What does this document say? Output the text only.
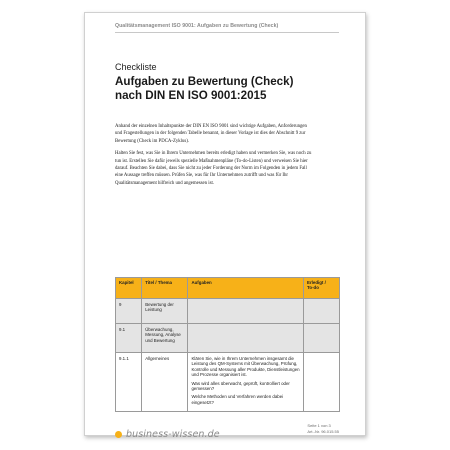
Qualitätsmanagement ISO 9001: Aufgaben zu Bewertung (Check)
Checkliste
Aufgaben zu Bewertung (Check)
nach DIN EN ISO 9001:2015

Anhand der einzelnen Inhaltspunkte der DIN EN ISO 9001 sind wichtige Aufgaben, Anforderungen und Fragestellungen in der folgenden Tabelle benannt, in dieser Vorlage ist dies der Abschnitt 9 zur Bewertung (Check im PDCA-Zyklus).

Halten Sie fest, was Sie in Ihrem Unternehmen bereits erledigt haben und vermerken Sie, was noch zu tun ist. Erstellen Sie dafür jeweils spezielle Maßnahmenpläne (To-do-Listen) und verweisen Sie hier darauf. Beachten Sie dabei, dass Sie nicht zu jeder Forderung der Norm im Folgenden in jedem Fall eine Aussage treffen müssen. Prüfen Sie, was für Ihr Unternehmen zutrifft und was für Ihr Qualitätsmanagement hilfreich und angemessen ist.

Kapitel	Titel / Thema	Aufgaben	Erledigt /
To-do
9	Bewertung der Leistung		
9.1	Überwachung, Messung, Analyse und Bewertung		
9.1.1	Allgemeines	Klären Sie, wie in Ihrem Unternehmen insgesamt die Leistung des QM-Systems mit Überwachung, Prüfung, Kontrolle und Messung aller Produkte, Dienstleistungen und Prozesse organisiert ist.
Was wird alles überwacht, geprüft, kontrolliert oder gemessen?
Welche Methoden und Verfahren werden dabei eingesetzt?	

business-wissen.de
Seite 1 von 3
Art.-Nr. 96.015.55
